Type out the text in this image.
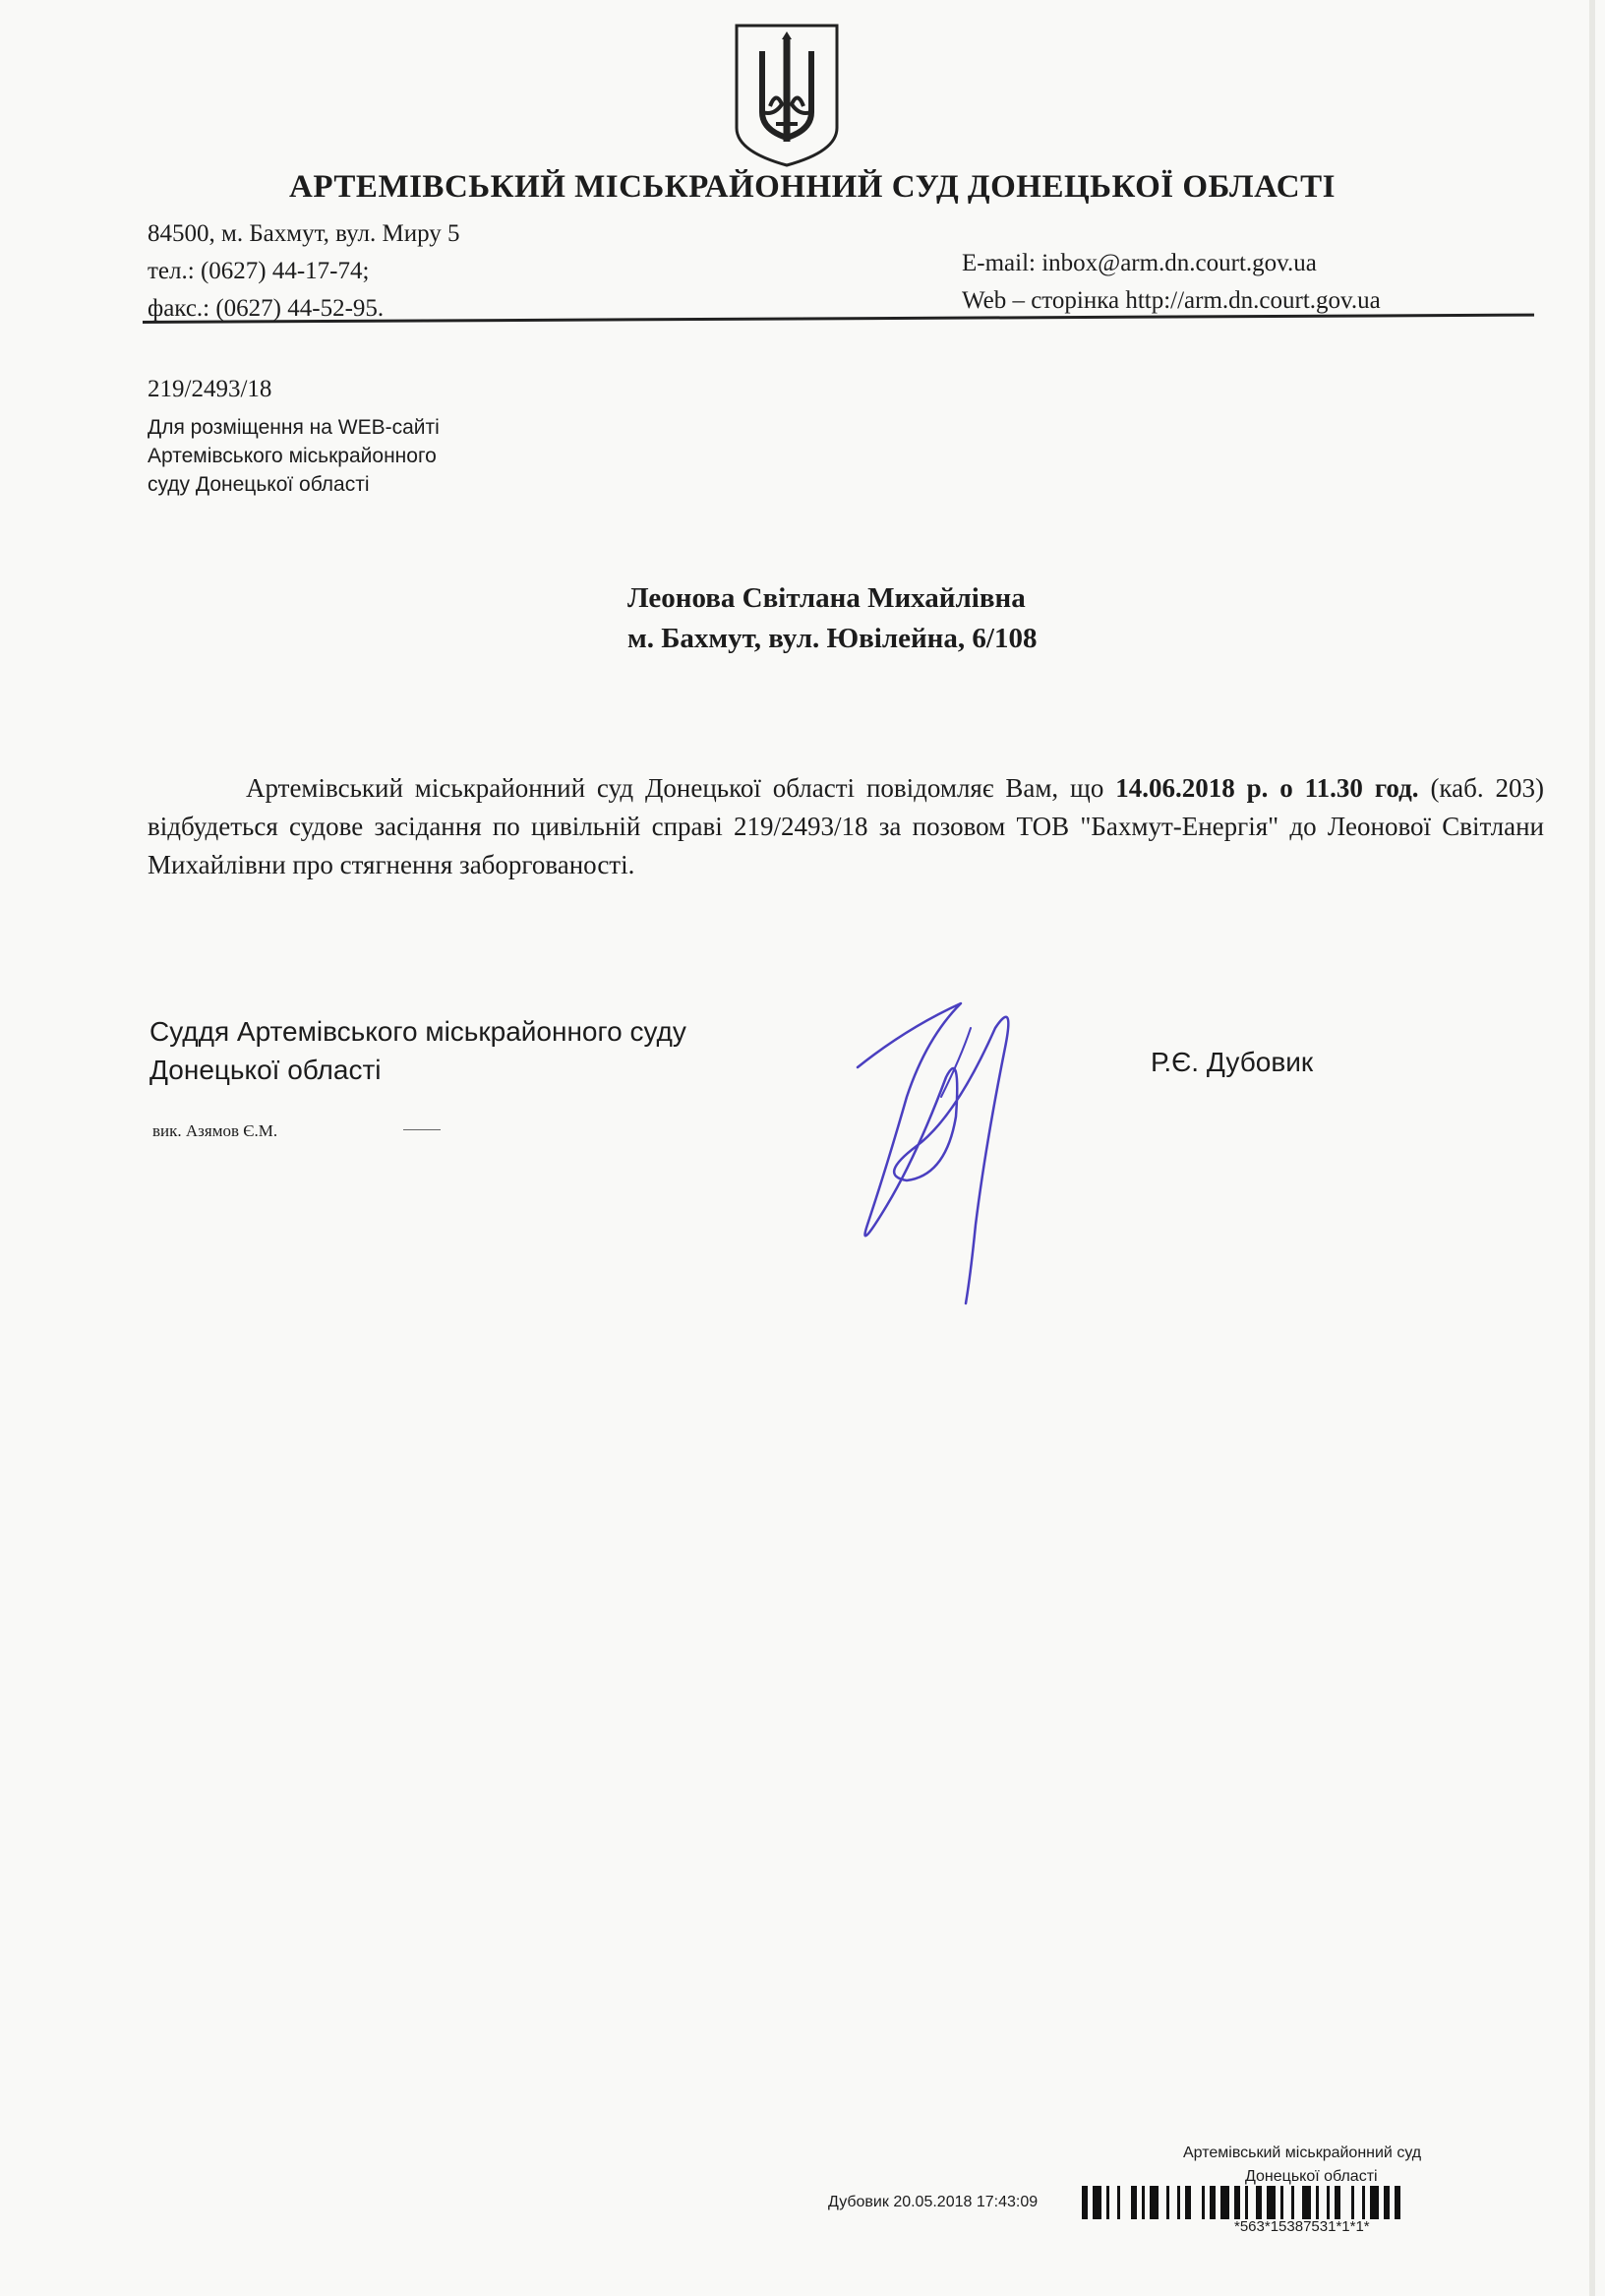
АРТЕМІВСЬКИЙ МІСЬКРАЙОННИЙ СУД ДОНЕЦЬКОЇ ОБЛАСТІ
84500, м. Бахмут, вул. Миру 5
тел.: (0627) 44-17-74;
факс.: (0627) 44-52-95.
E-mail: inbox@arm.dn.court.gov.ua
Web – сторінка http://arm.dn.court.gov.ua
219/2493/18
Для розміщення на WEB-сайті
Артемівського міськрайонного
суду Донецької області
Леонова Світлана Михайлівна
м. Бахмут, вул. Ювілейна, 6/108
Артемівський міськрайонний суд Донецької області повідомляє Вам, що 14.06.2018 р. о 11.30 год. (каб. 203) відбудеться судове засідання по цивільній справі 219/2493/18 за позовом ТОВ "Бахмут-Енергія" до Леонової Світлани Михайлівни про стягнення заборгованості.
Суддя Артемівського міськрайонного суду
Донецької області
вик. Азямов Є.М.
Р.Є. Дубовик
Артемівський міськрайонний суд
Донецької області
Дубовик 20.05.2018 17:43:09
*563*15387531*1*1*
